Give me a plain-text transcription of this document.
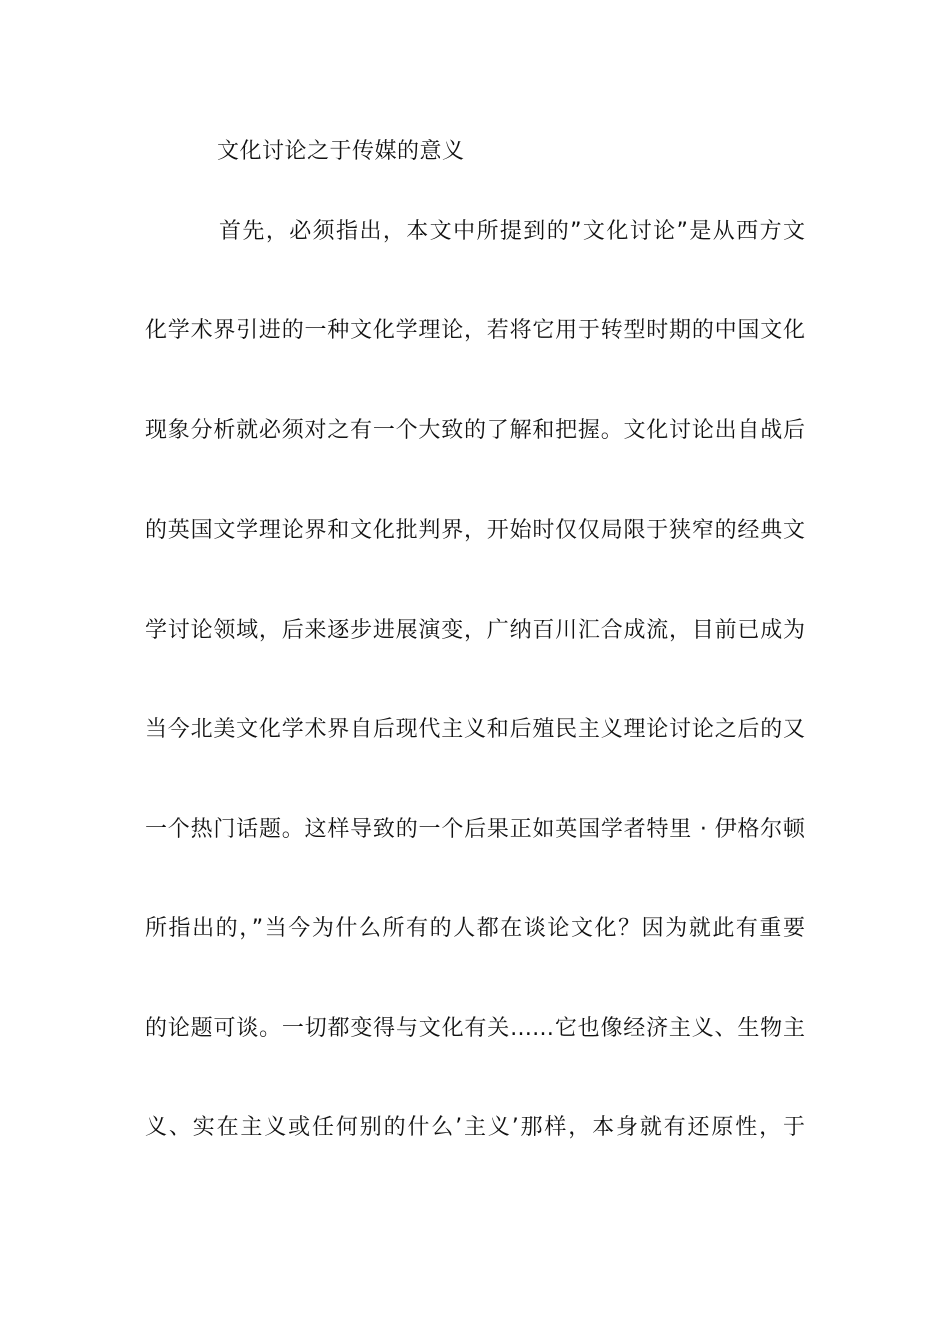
文化讨论之于传媒的意义
首先，必须指出，本文中所提到的”文化讨论”是从西方文
化学术界引进的一种文化学理论，若将它用于转型时期的中国文化
现象分析就必须对之有一个大致的了解和把握。文化讨论出自战后
的英国文学理论界和文化批判界，开始时仅仅局限于狭窄的经典文
学讨论领域，后来逐步进展演变，广纳百川汇合成流，目前已成为
当今北美文化学术界自后现代主义和后殖民主义理论讨论之后的又
一个热门话题。这样导致的一个后果正如英国学者特里 · 伊格尔顿
所指出的，”当今为什么所有的人都在谈论文化？因为就此有重要
的论题可谈。一切都变得与文化有关……它也像经济主义、生物主
义、实在主义或任何别的什么’主义’那样，本身就有还原性，于
